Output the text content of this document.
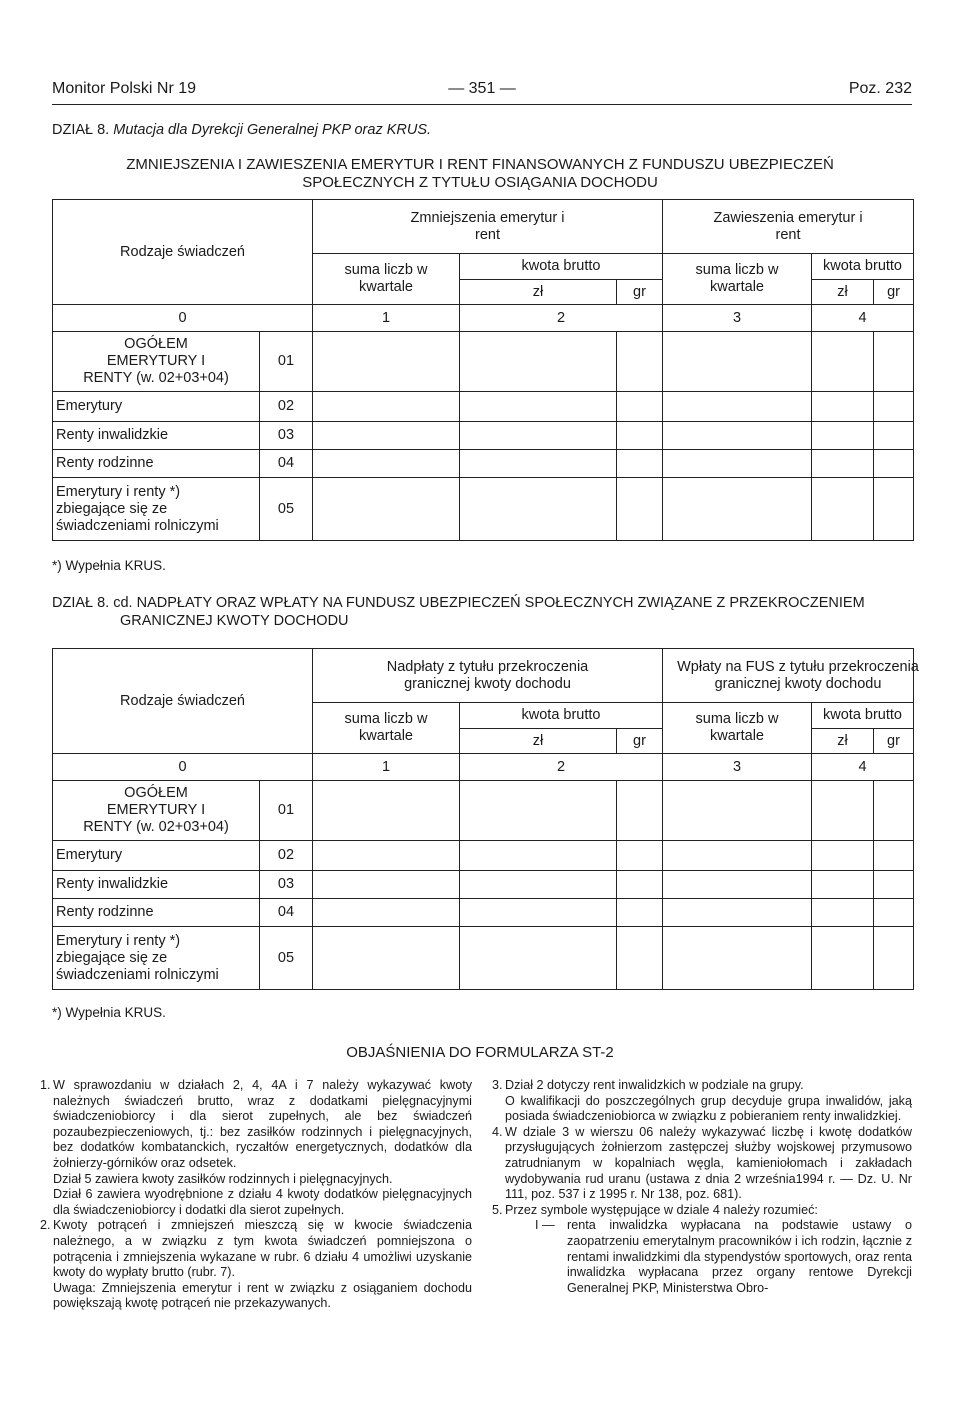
Monitor Polski Nr 19	— 351 —	Poz. 232
DZIAŁ 8. Mutacja dla Dyrekcji Generalnej PKP oraz KRUS.
ZMNIEJSZENIA I ZAWIESZENIA EMERYTUR I RENT FINANSOWANYCH Z FUNDUSZU UBEZPIECZEŃ
SPOŁECZNYCH Z TYTUŁU OSIĄGANIA DOCHODU
Rodzaje świadczeń		Zmniejszenia emerytur i rent			Zawieszenia emerytur i rent		

		suma liczb w kwartale	kwota brutto		suma liczb w kwartale	kwota brutto	
			zł	gr		zł	gr
0		1	2		3	4	

OGÓŁEM EMERYTURY I RENTY (w. 02+03+04)	01						
Emerytury	02						
Renty inwalidzkie	03						
Renty rodzinne	04						

Emerytury i renty *) zbiegające się ze świadczeniami rolniczymi	05						
*) Wypełnia KRUS.
DZIAŁ 8. cd. NADPŁATY ORAZ WPŁATY NA FUNDUSZ UBEZPIECZEŃ SPOŁECZNYCH ZWIĄZANE Z PRZEKROCZENIEM
GRANICZNEJ KWOTY DOCHODU
Rodzaje świadczeń		Nadpłaty z tytułu przekroczenia granicznej kwoty dochodu			Wpłaty na FUS z tytułu przekroczenia granicznej kwoty dochodu		

		suma liczb w kwartale	kwota brutto		suma liczb w kwartale	kwota brutto	
			zł	gr		zł	gr
0		1	2		3	4	

OGÓŁEM EMERYTURY I RENTY (w. 02+03+04)	01						
Emerytury	02						
Renty inwalidzkie	03						
Renty rodzinne	04						

Emerytury i renty *) zbiegające się ze świadczeniami rolniczymi	05						
*) Wypełnia KRUS.
OBJAŚNIENIA DO FORMULARZA ST-2
1. W sprawozdaniu w działach 2, 4, 4A i 7 należy wykazywać kwoty należnych świadczeń brutto, wraz z dodatkami pielęgnacyjnymi świadczeniobiorcy i dla sierot zupełnych, ale bez świadczeń pozaubezpieczeniowych, tj.: bez zasiłków rodzinnych i pielęgnacyjnych, bez dodatków kombatanckich, ryczałtów energetycznych, dodatków dla żołnierzy-górników oraz odsetek.

Dział 5 zawiera kwoty zasiłków rodzinnych i pielęgnacyjnych.

Dział 6 zawiera wyodrębnione z działu 4 kwoty dodatków pielęgnacyjnych dla świadczeniobiorcy i dodatki dla sierot zupełnych.

2. Kwoty potrąceń i zmniejszeń mieszczą się w kwocie świadczenia należnego, a w związku z tym kwota świadczeń pomniejszona o potrącenia i zmniejszenia wykazane w rubr. 6 działu 4 umożliwi uzyskanie kwoty do wypłaty brutto (rubr. 7).

Uwaga: Zmniejszenia emerytur i rent w związku z osiąganiem dochodu powiększają kwotę potrąceń nie przekazywanych.

3. Dział 2 dotyczy rent inwalidzkich w podziale na grupy.

O kwalifikacji do poszczególnych grup decyduje grupa inwalidów, jaką posiada świadczeniobiorca w związku z pobieraniem renty inwalidzkiej.

4. W dziale 3 w wierszu 06 należy wykazywać liczbę i kwotę dodatków przysługujących żołnierzom zastępczej służby wojskowej przymusowo zatrudnianym w kopalniach węgla, kamieniołomach i zakładach wydobywania rud uranu (ustawa z dnia 2 września1994 r. — Dz. U. Nr 111, poz. 537 i z 1995 r. Nr 138, poz. 681).
5. Przez symbole występujące w dziale 4 należy rozumieć:
I — renta inwalidzka wypłacana na podstawie ustawy o zaopatrzeniu emerytalnym pracowników i ich rodzin, łącznie z rentami inwalidzkimi dla stypendystów sportowych, oraz renta inwalidzka wypłacana przez organy rentowe Dyrekcji Generalnej PKP, Ministerstwa Obro-
